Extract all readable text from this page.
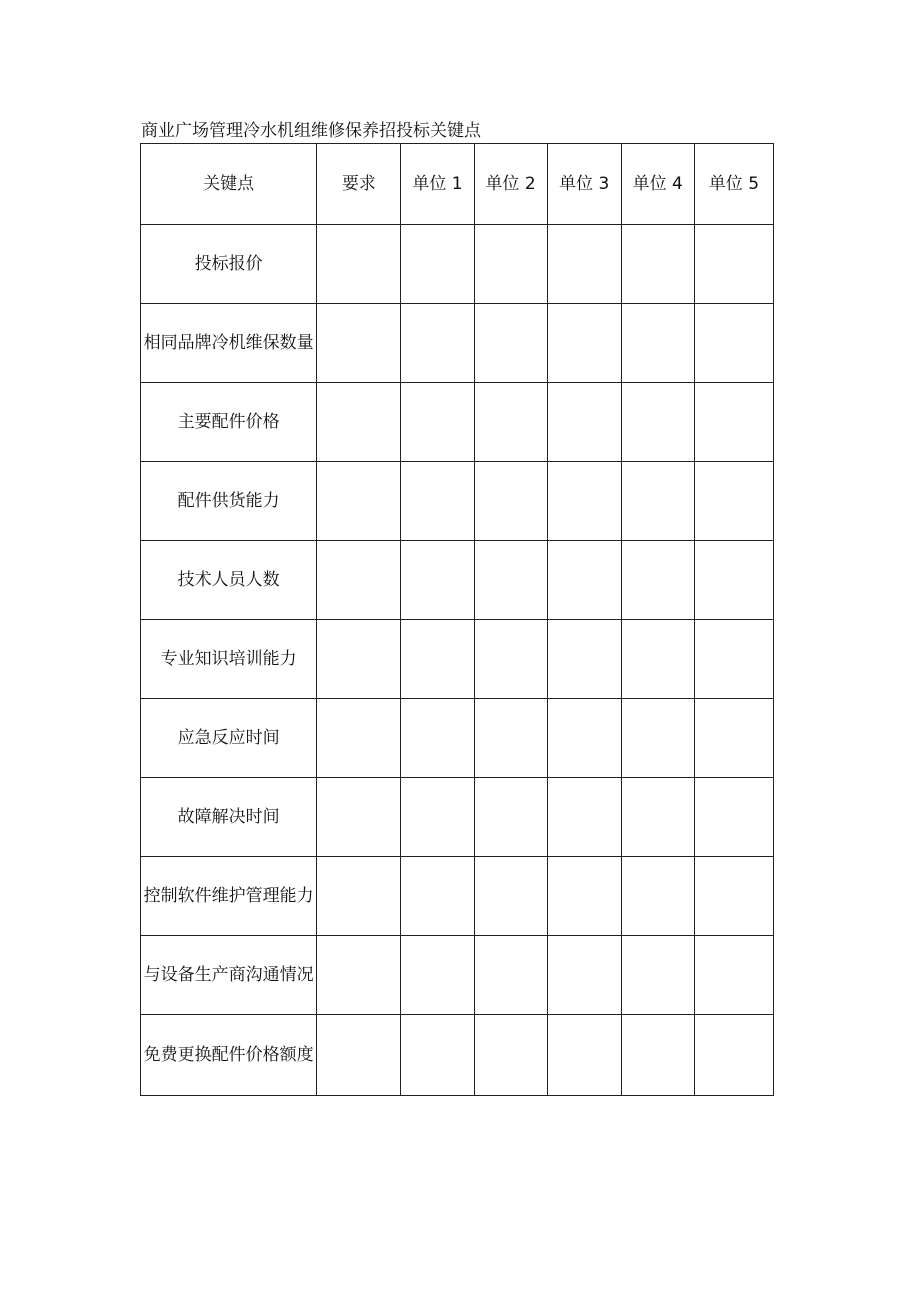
商业广场管理冷水机组维修保养招投标关键点
关键点	要求	单位 1	单位 2	单位 3	单位 4	单位 5
投标报价						
相同品牌冷机维保数量						
主要配件价格						
配件供货能力						
技术人员人数						
专业知识培训能力						
应急反应时间						
故障解决时间						
控制软件维护管理能力						
与设备生产商沟通情况						
免费更换配件价格额度						
